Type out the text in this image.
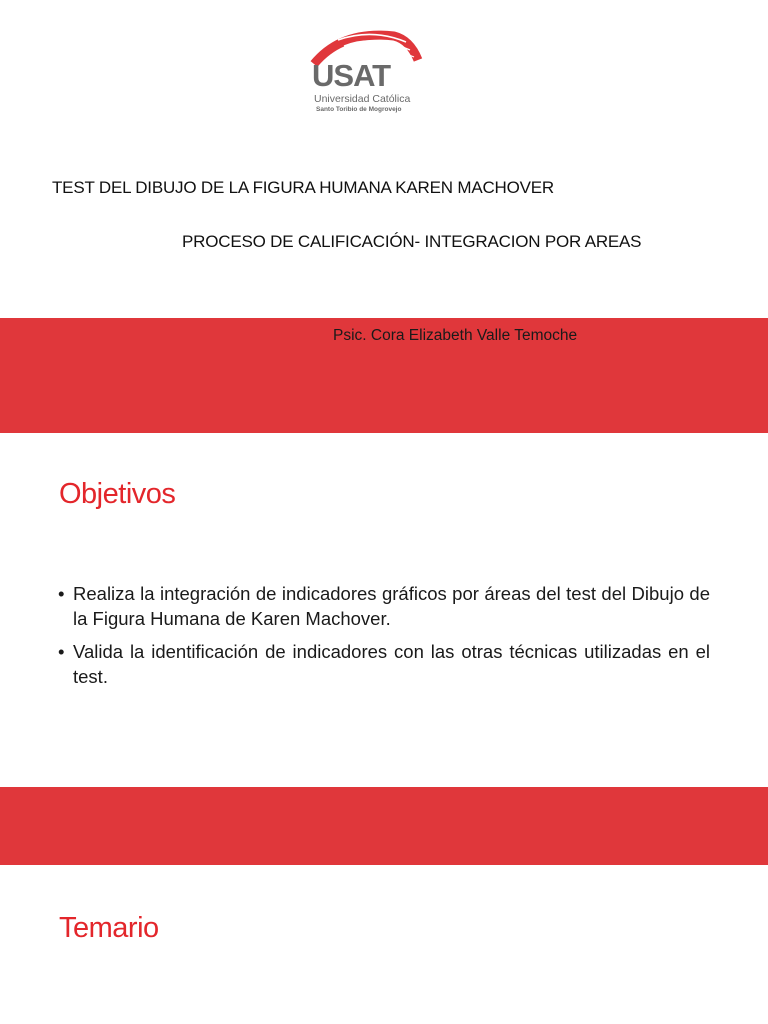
USAT
Universidad Católica
Santo Toribio de Mogrovejo
TEST DEL DIBUJO DE LA FIGURA HUMANA KAREN MACHOVER
PROCESO DE CALIFICACIÓN- INTEGRACION POR AREAS
Psic. Cora Elizabeth Valle Temoche
Objetivos
• Realiza la integración de indicadores gráficos por áreas del test del Dibujo de la Figura Humana de Karen Machover.
• Valida la identificación de indicadores con las otras técnicas utilizadas en el test.
Temario
